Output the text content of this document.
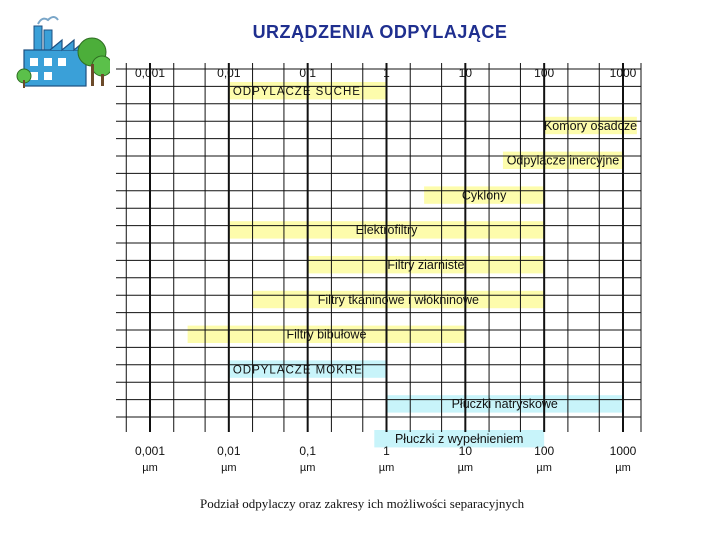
URZĄDZENIA ODPYLAJĄCE
0,001
0,001
µm
0,01
0,01
µm
0,1
0,1
µm
1
1
µm
10
10
µm
100
100
µm
1000
1000
µm
ODPYLACZE SUCHE
Komory osadcze
Odpylacze inercyjne
Cyklony
Elektrofiltry
Filtry ziarniste
Filtry tkaninowe i włókninowe
Filtry bibułowe
ODPYLACZE MOKRE
Płuczki natryskowe
Płuczki z wypełnieniem
Podział odpylaczy oraz zakresy ich możliwości separacyjnych
